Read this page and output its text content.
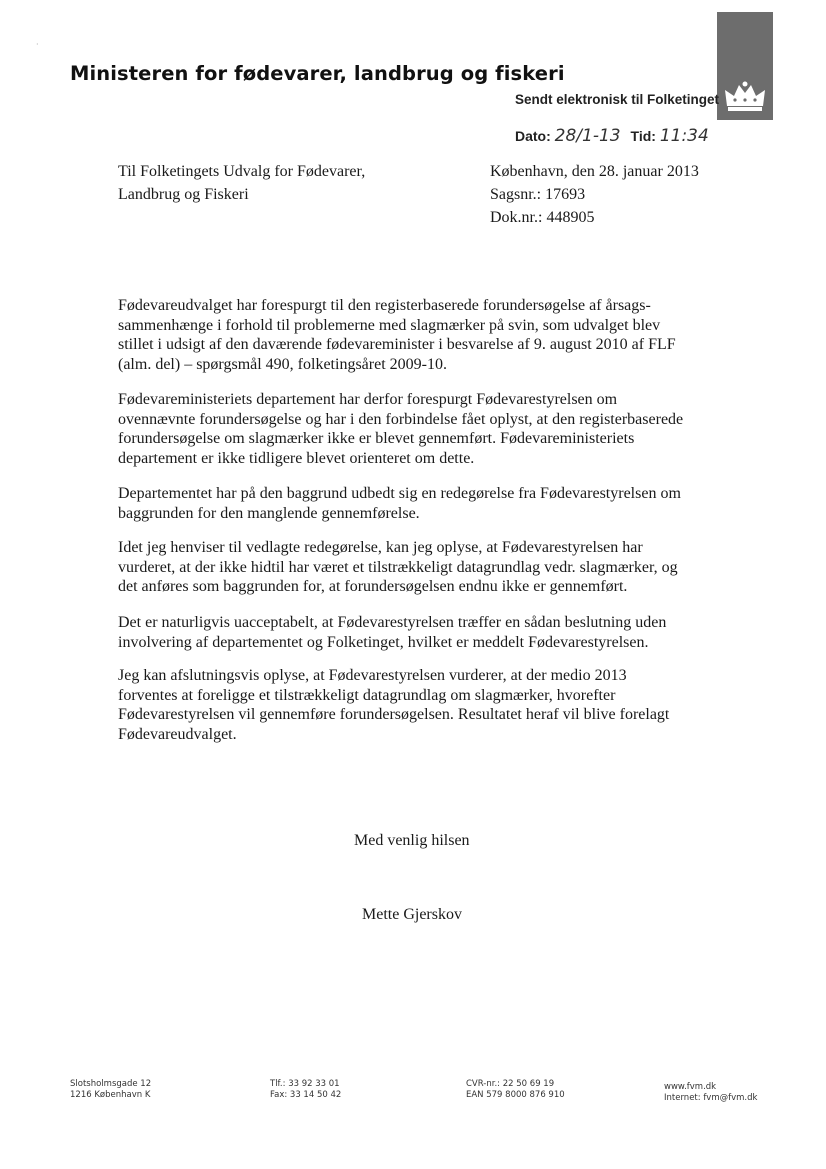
Ministeren for fødevarer, landbrug og fiskeri
Sendt elektronisk til Folketinget
Dato: 28/1-13 Tid: 11:34
·
Til Folketingets Udvalg for Fødevarer,
Landbrug og Fiskeri
København, den 28. januar 2013
Sagsnr.: 17693
Dok.nr.: 448905

Fødevareudvalget har forespurgt til den registerbaserede forundersøgelse af årsags-

sammenhænge i forhold til problemerne med slagmærker på svin, som udvalget blev

stillet i udsigt af den daværende fødevareminister i besvarelse af 9. august 2010 af FLF

(alm. del) – spørgsmål 490, folketingsåret 2009-10.

Fødevareministeriets departement har derfor forespurgt Fødevarestyrelsen om

ovennævnte forundersøgelse og har i den forbindelse fået oplyst, at den registerbaserede

forundersøgelse om slagmærker ikke er blevet gennemført. Fødevareministeriets

departement er ikke tidligere blevet orienteret om dette.

Departementet har på den baggrund udbedt sig en redegørelse fra Fødevarestyrelsen om

baggrunden for den manglende gennemførelse.

Idet jeg henviser til vedlagte redegørelse, kan jeg oplyse, at Fødevarestyrelsen har

vurderet, at der ikke hidtil har været et tilstrækkeligt datagrundlag vedr. slagmærker, og

det anføres som baggrunden for, at forundersøgelsen endnu ikke er gennemført.

Det er naturligvis uacceptabelt, at Fødevarestyrelsen træffer en sådan beslutning uden

involvering af departementet og Folketinget, hvilket er meddelt Fødevarestyrelsen.

Jeg kan afslutningsvis oplyse, at Fødevarestyrelsen vurderer, at der medio 2013

forventes at foreligge et tilstrækkeligt datagrundlag om slagmærker, hvorefter

Fødevarestyrelsen vil gennemføre forundersøgelsen. Resultatet heraf vil blive forelagt

Fødevareudvalget.

Med venlig hilsen
Mette Gjerskov
Slotsholmsgade 12
1216 København K
Tlf.: 33 92 33 01
Fax: 33 14 50 42
CVR-nr.: 22 50 69 19
EAN 579 8000 876 910
www.fvm.dk
Internet: fvm@fvm.dk
